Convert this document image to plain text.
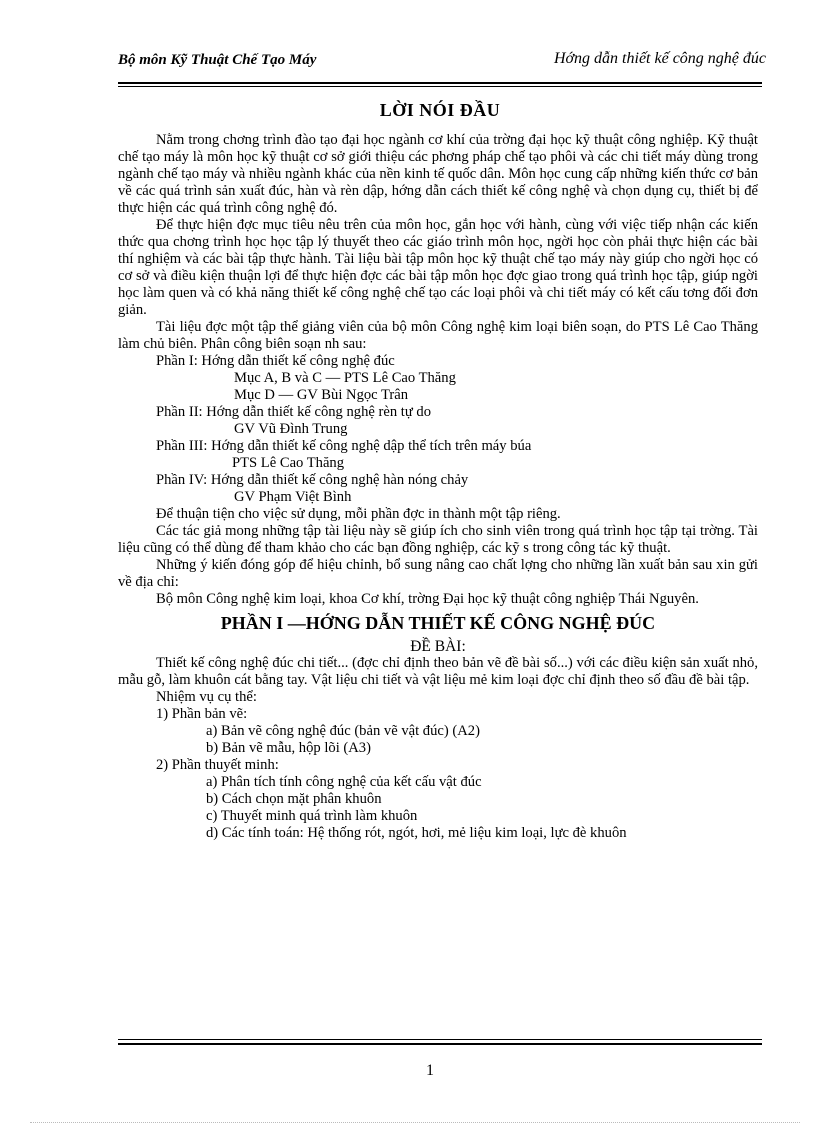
Bộ môn Kỹ Thuật Chế Tạo Máy	Hớng dẫn thiết kế công nghệ đúc
LỜI NÓI ĐẦU
Nằm trong chơng trình đào tạo đại học ngành cơ khí của trờng đại học kỹ thuật công nghiệp. Kỹ thuật chế tạo máy là môn học kỹ thuật cơ sở giới thiệu các phơng pháp chế tạo phôi và các chi tiết máy dùng trong ngành chế tạo máy và nhiều ngành khác của nền kinh tế quốc dân. Môn học cung cấp những kiến thức cơ bản về các quá trình sản xuất đúc, hàn và rèn dập, hớng dẫn cách thiết kế công nghệ và chọn dụng cụ, thiết bị để thực hiện các quá trình công nghệ đó.
Để thực hiện đợc mục tiêu nêu trên của môn học, gắn học với hành, cùng với việc tiếp nhận các kiến thức qua chơng trình học học tập lý thuyết theo các giáo trình môn học, ngời học còn phải thực hiện các bài thí nghiệm và các bài tập thực hành. Tài liệu bài tập môn học kỹ thuật chế tạo máy này giúp cho ngời học có cơ sở và điều kiện thuận lợi để thực hiện đợc các bài tập môn học đợc giao trong quá trình học tập, giúp ngời học làm quen và có khả năng thiết kế công nghệ chế tạo các loại phôi và chi tiết máy có kết cấu tơng đối đơn giản.
Tài liệu đợc một tập thể giảng viên của bộ môn Công nghệ kim loại biên soạn, do PTS Lê Cao Thăng làm chủ biên. Phân công biên soạn nh sau:
Phần I: Hớng dẫn thiết kế công nghệ đúc
Mục A, B và C — PTS Lê Cao Thăng
Mục D — GV Bùi Ngọc Trân
Phần II: Hớng dẫn thiết kế công nghệ rèn tự do
GV Vũ Đình Trung
Phần III: Hớng dẫn thiết kế công nghệ dập thể tích trên máy búa
PTS Lê Cao Thăng
Phần IV: Hớng dẫn thiết kế công nghệ hàn nóng chảy
GV Phạm Việt Bình
Để thuận tiện cho việc sử dụng, mỗi phần đợc in thành một tập riêng.
Các tác giả mong những tập tài liệu này sẽ giúp ích cho sinh viên trong quá trình học tập tại trờng. Tài liệu cũng có thể dùng để tham khảo cho các bạn đồng nghiệp, các kỹ s trong công tác kỹ thuật.
Những ý kiến đóng góp để hiệu chỉnh, bổ sung nâng cao chất lợng cho những lần xuất bản sau xin gửi về địa chỉ:
Bộ môn Công nghệ kim loại, khoa Cơ khí, trờng Đại học kỹ thuật công nghiệp Thái Nguyên.
PHẦN I —HỚNG DẪN THIẾT KẾ CÔNG NGHỆ ĐÚC
ĐỀ BÀI:
Thiết kế công nghệ đúc chi tiết... (đợc chỉ định theo bản vẽ đề bài số...) với các điều kiện sản xuất nhỏ, mẫu gỗ, làm khuôn cát bằng tay. Vật liệu chi tiết và vật liệu mẻ kim loại đợc chỉ định theo số đầu đề bài tập.
Nhiệm vụ cụ thể:
1) Phần bản vẽ:
a) Bản vẽ công nghệ đúc (bản vẽ vật đúc) (A2)
b) Bản vẽ mẫu, hộp lõi (A3)
2) Phần thuyết minh:
a) Phân tích tính công nghệ của kết cấu vật đúc
b) Cách chọn mặt phân khuôn
c) Thuyết minh quá trình làm khuôn
d) Các tính toán: Hệ thống rót, ngót, hơi, mẻ liệu kim loại, lực đè khuôn
1
